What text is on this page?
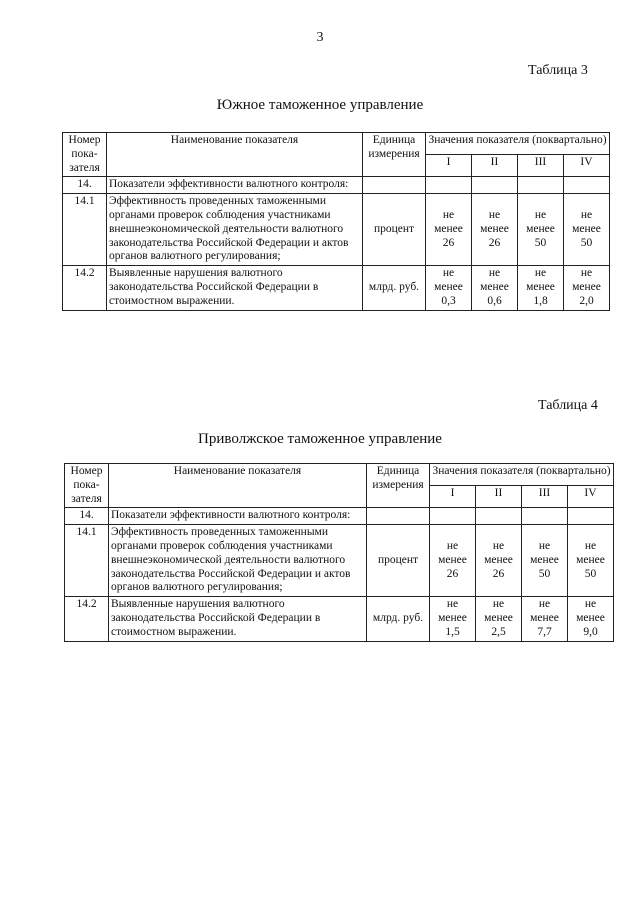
3
Таблица 3
Южное таможенное управление
Номер пока-зателя	Наименование показателя	Единица измерения	Значения показателя (поквартально)			
			I	II	III	IV
14.	Показатели эффективности валютного контроля:					
14.1	Эффективность проведенных таможенными органами проверок соблюдения участниками внешнеэкономической деятельности валютного законодательства Российской Федерации и актов органов валютного регулирования;	процент	не менее 26	не менее 26	не менее 50	не менее 50
14.2	Выявленные нарушения валютного законодательства Российской Федерации в стоимостном выражении.	млрд. руб.	не менее 0,3	не менее 0,6	не менее 1,8	не менее 2,0
Таблица 4
Приволжское таможенное управление
Номер пока-зателя	Наименование показателя	Единица измерения	Значения показателя (поквартально)			
			I	II	III	IV
14.	Показатели эффективности валютного контроля:					
14.1	Эффективность проведенных таможенными органами проверок соблюдения участниками внешнеэкономической деятельности валютного законодательства Российской Федерации и актов органов валютного регулирования;	процент	не менее 26	не менее 26	не менее 50	не менее 50
14.2	Выявленные нарушения валютного законодательства Российской Федерации в стоимостном выражении.	млрд. руб.	не менее 1,5	не менее 2,5	не менее 7,7	не менее 9,0
